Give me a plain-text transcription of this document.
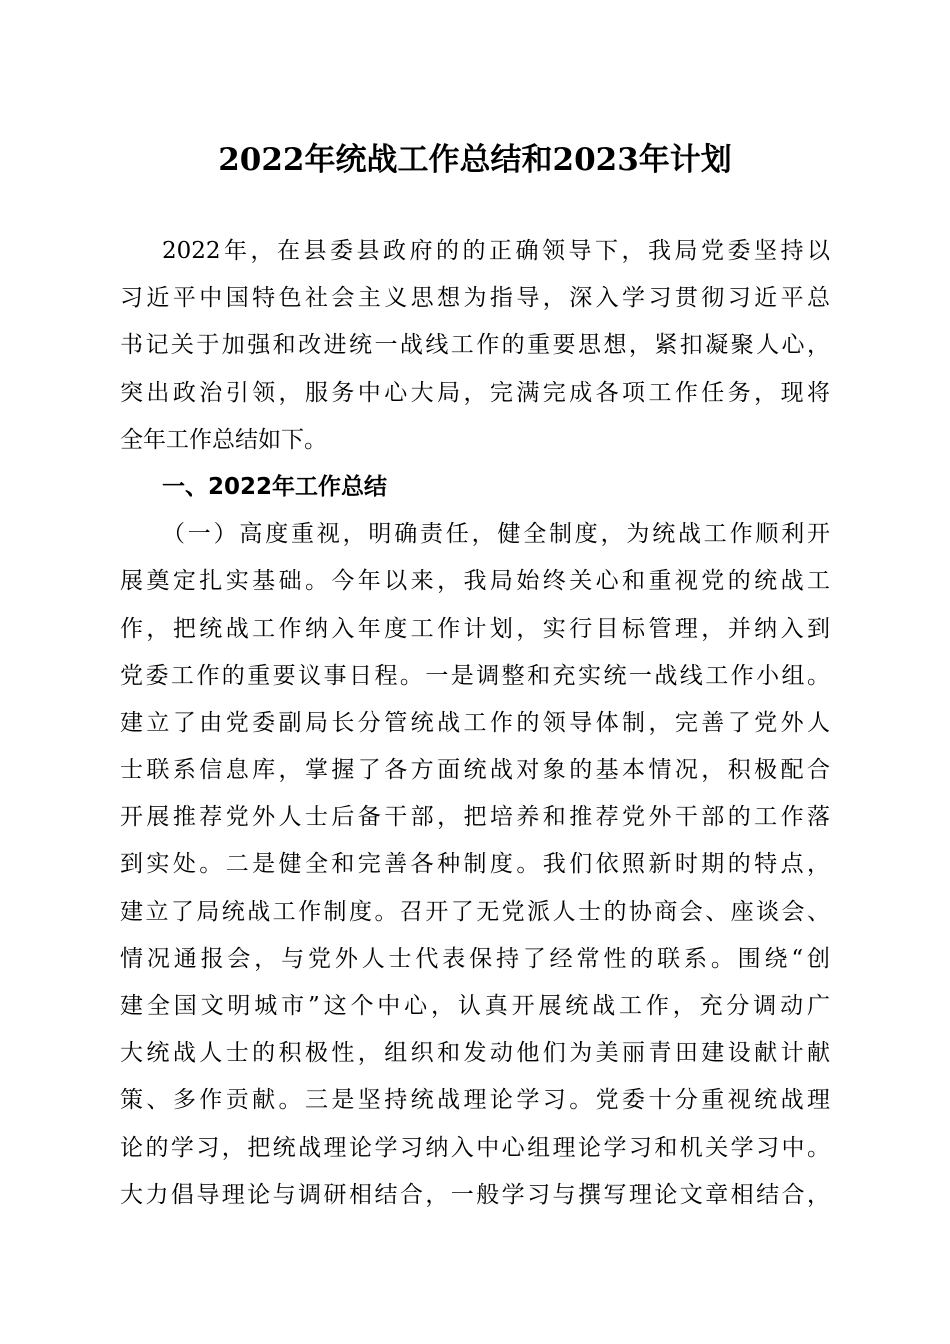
2022年统战工作总结和2023年计划
2022年，在县委县政府的的正确领导下，我局党委坚持以
习近平中国特色社会主义思想为指导，深入学习贯彻习近平总
书记关于加强和改进统一战线工作的重要思想，紧扣凝聚人心，
突出政治引领，服务中心大局，完满完成各项工作任务，现将
全年工作总结如下。
一、2022年工作总结
（一）高度重视，明确责任，健全制度，为统战工作顺利开
展奠定扎实基础。今年以来，我局始终关心和重视党的统战工
作，把统战工作纳入年度工作计划，实行目标管理，并纳入到
党委工作的重要议事日程。一是调整和充实统一战线工作小组。
建立了由党委副局长分管统战工作的领导体制，完善了党外人
士联系信息库，掌握了各方面统战对象的基本情况，积极配合
开展推荐党外人士后备干部，把培养和推荐党外干部的工作落
到实处。二是健全和完善各种制度。我们依照新时期的特点，
建立了局统战工作制度。召开了无党派人士的协商会、座谈会、
情况通报会，与党外人士代表保持了经常性的联系。围绕“创
建全国文明城市”这个中心，认真开展统战工作，充分调动广
大统战人士的积极性，组织和发动他们为美丽青田建设献计献
策、多作贡献。三是坚持统战理论学习。党委十分重视统战理
论的学习，把统战理论学习纳入中心组理论学习和机关学习中。
大力倡导理论与调研相结合，一般学习与撰写理论文章相结合，
